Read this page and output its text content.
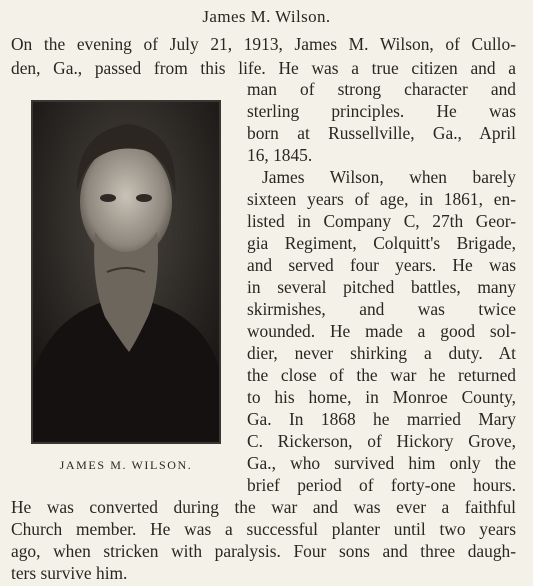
James M. Wilson.
On the evening of July 21, 1913, James M. Wilson, of Cullo-
den, Ga., passed from this life. He was a true citizen and a
man of strong character and
sterling principles. He was
born at Russellville, Ga., April
16, 1845.
James Wilson, when barely
sixteen years of age, in 1861, en-
listed in Company C, 27th Geor-
gia Regiment, Colquitt's Brigade,
and served four years. He was
in several pitched battles, many
skirmishes, and was twice
wounded. He made a good sol-
dier, never shirking a duty. At
the close of the war he returned
to his home, in Monroe County,
Ga. In 1868 he married Mary
C. Rickerson, of Hickory Grove,
Ga., who survived him only the
brief period of forty-one hours.
He was converted during the war and was ever a faithful
Church member. He was a successful planter until two years
ago, when stricken with paralysis. Four sons and three daugh-
ters survive him.
JAMES M. WILSON.
